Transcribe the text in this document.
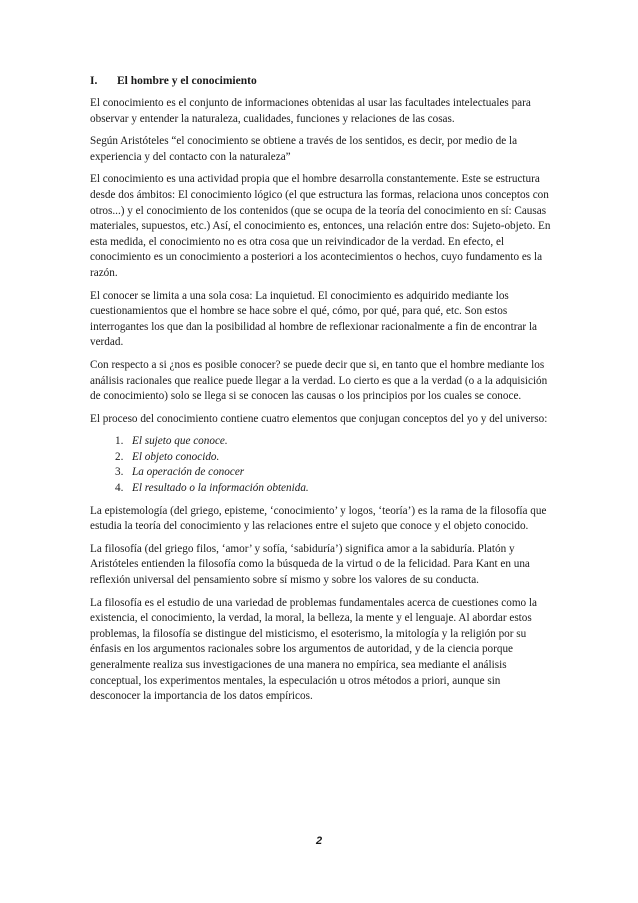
I.	El hombre y el conocimiento

El conocimiento es el conjunto de informaciones obtenidas al usar las facultades intelectuales para observar y entender la naturaleza, cualidades, funciones y relaciones de las cosas.

Según Aristóteles “el conocimiento se obtiene a través de los sentidos, es decir, por medio de la experiencia y del contacto con la naturaleza”

El conocimiento es una actividad propia que el hombre desarrolla constantemente. Este se estructura desde dos ámbitos: El conocimiento lógico (el que estructura las formas, relaciona unos conceptos con otros...) y el conocimiento de los contenidos (que se ocupa de la teoría del conocimiento en sí: Causas materiales, supuestos, etc.) Así, el conocimiento es, entonces, una relación entre dos: Sujeto-objeto. En esta medida, el conocimiento no es otra cosa que un reivindicador de la verdad. En efecto, el conocimiento es un conocimiento a posteriori a los acontecimientos o hechos, cuyo fundamento es la razón.

El conocer se limita a una sola cosa: La inquietud. El conocimiento es adquirido mediante los cuestionamientos que el hombre se hace sobre el qué, cómo, por qué, para qué, etc. Son estos interrogantes los que dan la posibilidad al hombre de reflexionar racionalmente a fin de encontrar la verdad.

Con respecto a si ¿nos es posible conocer? se puede decir que si, en tanto que el hombre mediante los análisis racionales que realice puede llegar a la verdad. Lo cierto es que a la verdad (o a la adquisición de conocimiento) solo se llega si se conocen las causas o los principios por los cuales se conoce.

El proceso del conocimiento contiene cuatro elementos que conjugan conceptos del yo y del universo:

1. El sujeto que conoce.
2. El objeto conocido.
3. La operación de conocer
4. El resultado o la información obtenida.

La epistemología (del griego, episteme, ‘conocimiento’ y logos, ‘teoría’) es la rama de la filosofía que estudia la teoría del conocimiento y las relaciones entre el sujeto que conoce y el objeto conocido.

La filosofía (del griego filos, ‘amor’ y sofía, ‘sabiduría’) significa amor a la sabiduría. Platón y Aristóteles entienden la filosofía como la búsqueda de la virtud o de la felicidad. Para Kant en una reflexión universal del pensamiento sobre sí mismo y sobre los valores de su conducta.

La filosofía es el estudio de una variedad de problemas fundamentales acerca de cuestiones como la existencia, el conocimiento, la verdad, la moral, la belleza, la mente y el lenguaje. Al abordar estos problemas, la filosofía se distingue del misticismo, el esoterismo, la mitología y la religión por su énfasis en los argumentos racionales sobre los argumentos de autoridad, y de la ciencia porque generalmente realiza sus investigaciones de una manera no empírica, sea mediante el análisis conceptual, los experimentos mentales, la especulación u otros métodos a priori, aunque sin desconocer la importancia de los datos empíricos.

2
